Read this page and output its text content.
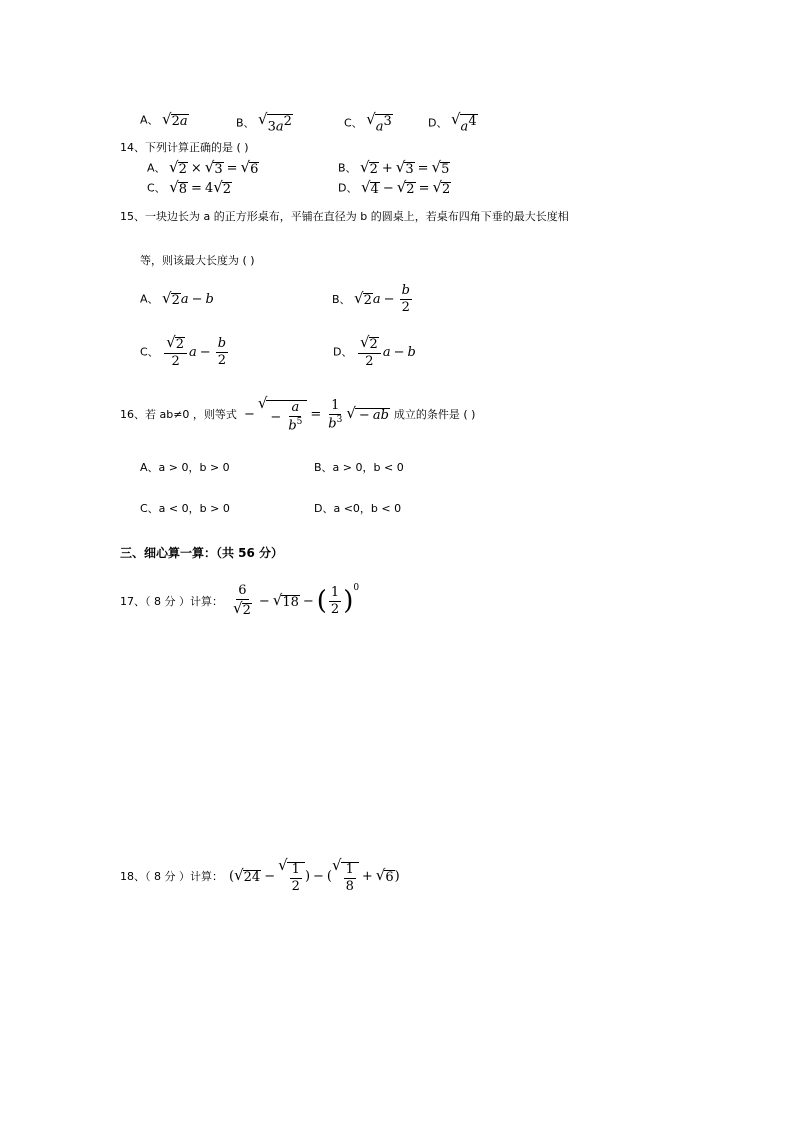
A、 √ 2a	B、 √ $3a^2$	C、 √ $a^3$	D、 √ $a^4$
14、下列计算正确的是 ( )
A、 √ 2 × √ 3 = √ 6	B、 √ 2 + √ 3 = √ 5
C、 √ 8 = 4 √ 2	D、 √ 4 − √ 2 = √ 2
15、一块边长为 a 的正方形桌布，平铺在直径为 b 的圆桌上，若桌布四角下垂的最大长度相
等，则该最大长度为 ( )
A、 √ 2 a − b	B、 √ 2 $a - \frac{b}{2}$
C、 $\frac{√ 2}{2}$ $a - \frac{b}{2}$	D、 $\frac{√ 2}{2}$ a − b
16、若 ab≠0 ，则等式 −
√
− $\frac{a}{b^5} = \frac{1}{b^3}$ √ − ab 成立的条件是 ( )
A、a > 0，b > 0	B、a > 0，b < 0
C、a < 0，b > 0	D、a <0，b < 0
三、细心算一算：（共 56 分）
17、（ 8 分 ）计算： $\frac{6}{√ 2}$ − √ 18 − ( $\frac{1}{2} )^0$
18、（ 8 分 ）计算： ( √ 24 −
√ $\frac{1}{2}$ ) − (
√ $\frac{1}{8}$ + √ 6 )
